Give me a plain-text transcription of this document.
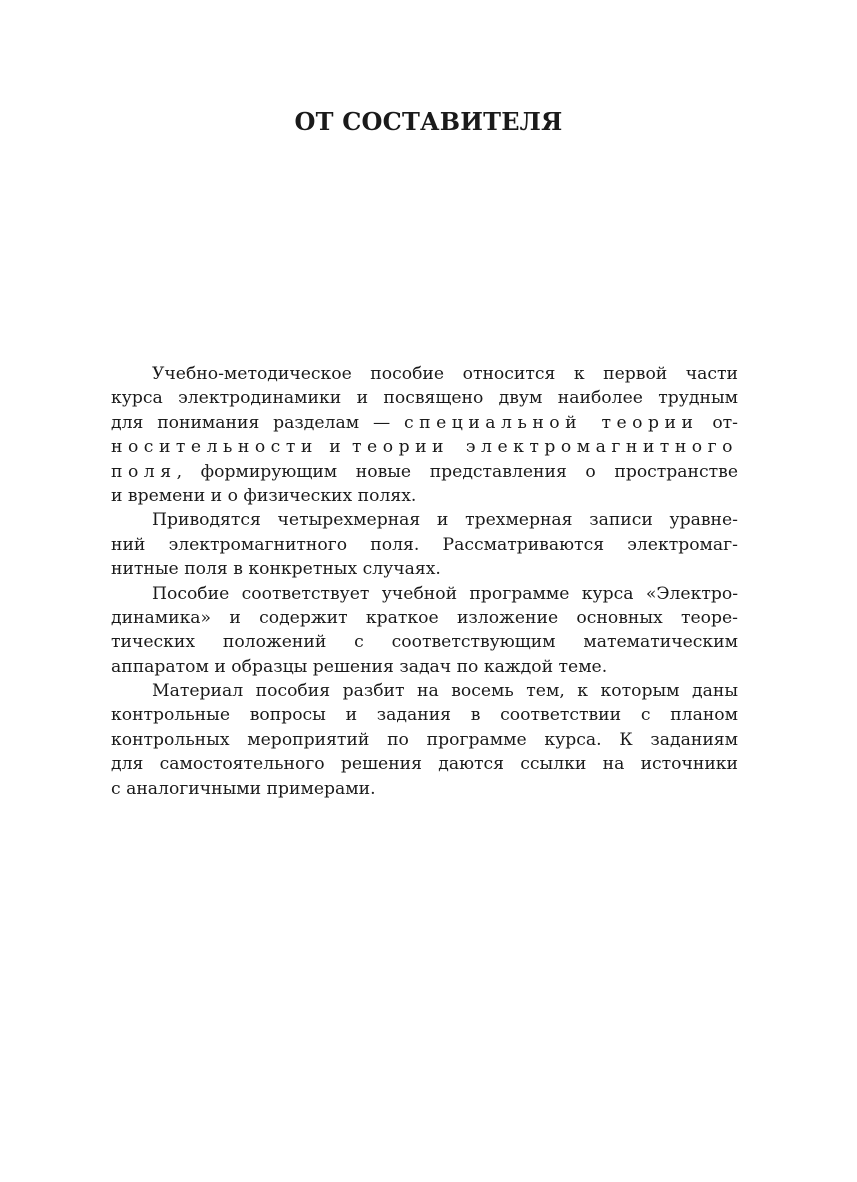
ОТ СОСТАВИТЕЛЯ
Учебно-методическое пособие относится к первой части
курса электродинамики и посвящено двум наиболее трудным
для понимания разделам — специальной теории от-
носительности и теории электромагнитного
поля, формирующим новые представления о пространстве
и времени и о физических полях.
Приводятся четырехмерная и трехмерная записи уравне-
ний электромагнитного поля. Рассматриваются электромаг-
нитные поля в конкретных случаях.
Пособие соответствует учебной программе курса «Электро-
динамика» и содержит краткое изложение основных теоре-
тических положений с соответствующим математическим
аппаратом и образцы решения задач по каждой теме.
Материал пособия разбит на восемь тем, к которым даны
контрольные вопросы и задания в соответствии с планом
контрольных мероприятий по программе курса. К заданиям
для самостоятельного решения даются ссылки на источники
с аналогичными примерами.
